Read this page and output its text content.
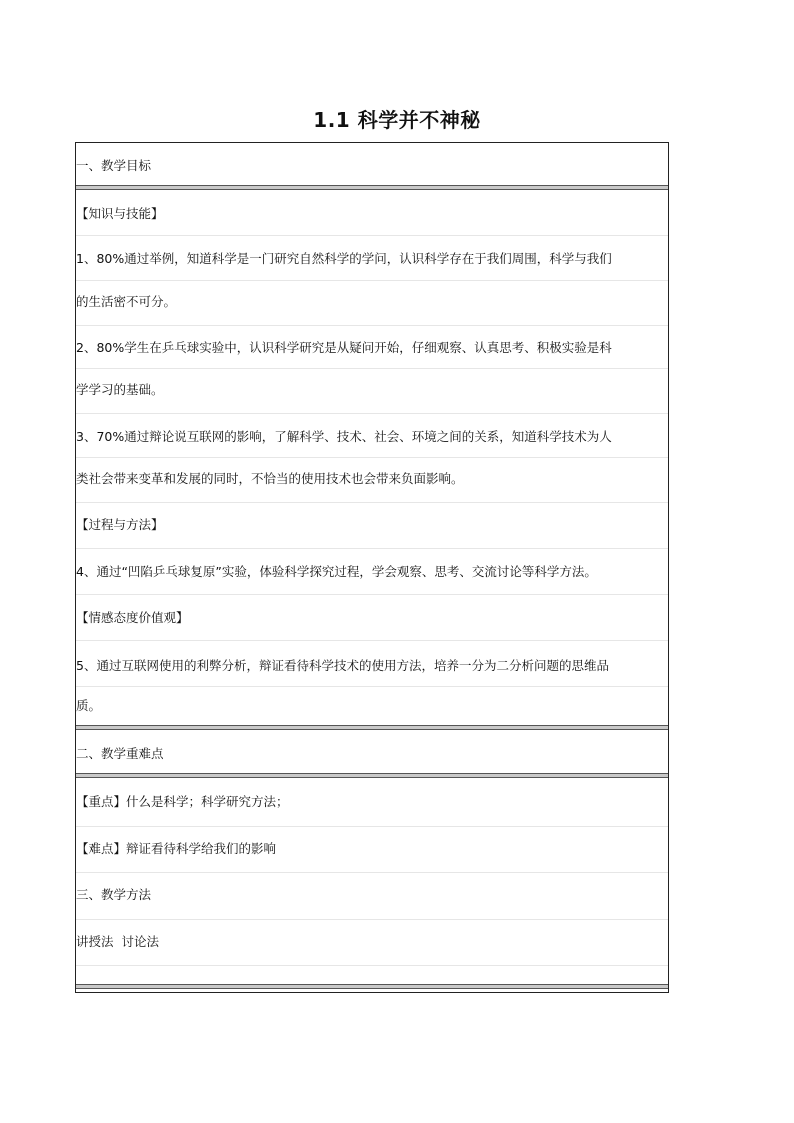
1.1 科学并不神秘
一、教学目标
【知识与技能】
1、80%通过举例，知道科学是一门研究自然科学的学问，认识科学存在于我们周围，科学与我们
的生活密不可分。
2、80%学生在乒乓球实验中，认识科学研究是从疑问开始，仔细观察、认真思考、积极实验是科
学学习的基础。
3、70%通过辩论说互联网的影响，了解科学、技术、社会、环境之间的关系，知道科学技术为人
类社会带来变革和发展的同时，不恰当的使用技术也会带来负面影响。
【过程与方法】
4、通过“凹陷乒乓球复原”实验，体验科学探究过程，学会观察、思考、交流讨论等科学方法。
【情感态度价值观】
5、通过互联网使用的利弊分析，辩证看待科学技术的使用方法，培养一分为二分析问题的思维品
质。
二、教学重难点
【重点】什么是科学；科学研究方法；
【难点】辩证看待科学给我们的影响
三、教学方法
讲授法  讨论法
